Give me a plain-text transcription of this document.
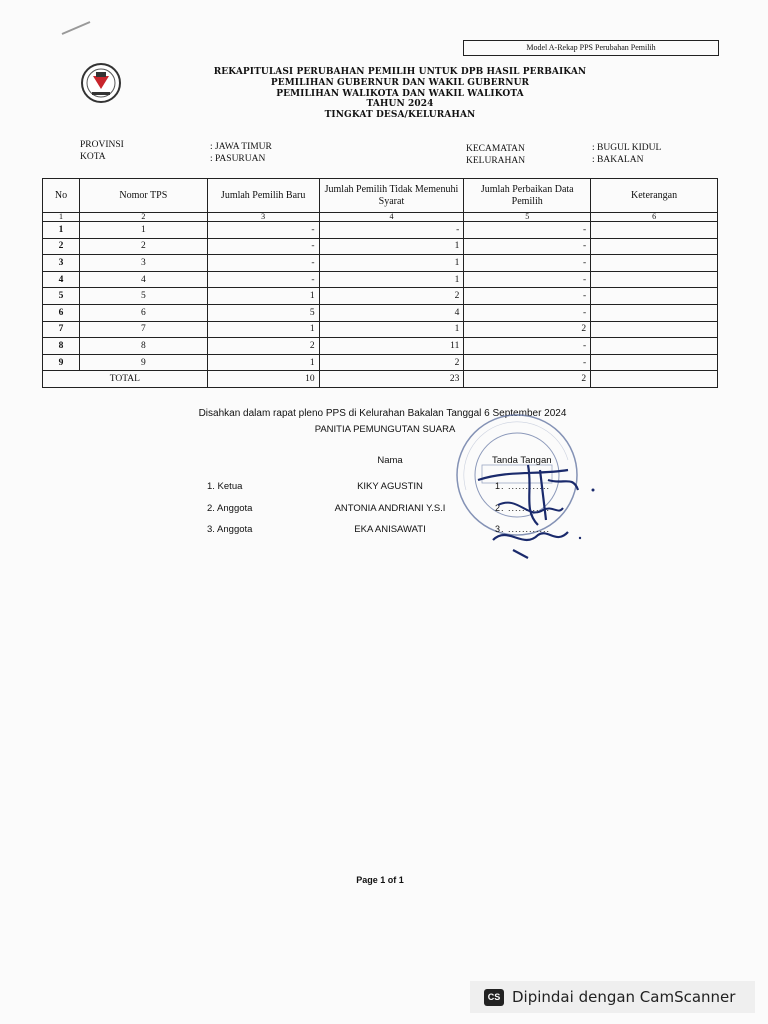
Model A-Rekap PPS Perubahan Pemilih
REKAPITULASI PERUBAHAN PEMILIH UNTUK DPB HASIL PERBAIKAN
PEMILIHAN GUBERNUR DAN WAKIL GUBERNUR
PEMILIHAN WALIKOTA DAN WAKIL WALIKOTA
TAHUN 2024
TINGKAT DESA/KELURAHAN
PROVINSI	: JAWA TIMUR
KOTA	: PASURUAN
KECAMATAN	: BUGUL KIDUL
KELURAHAN	: BAKALAN
No	Nomor TPS	Jumlah Pemilih Baru	Jumlah Pemilih Tidak Memenuhi Syarat	Jumlah Perbaikan Data Pemilih	Keterangan
1	2	3	4	5	6
1	1	-	-	-	
2	2	-	1	-	
3	3	-	1	-	
4	4	-	1	-	
5	5	1	2	-	
6	6	5	4	-	
7	7	1	1	2	
8	8	2	11	-	
9	9	1	2	-	
TOTAL		10	23	2	
Disahkan dalam rapat pleno PPS di Kelurahan Bakalan Tanggal 6 September 2024
PANITIA PEMUNGUTAN SUARA
Nama	Tanda Tangan
1. Ketua	KIKY AGUSTIN	1. ............
2. Anggota	ANTONIA ANDRIANI Y.S.I	2. ............
3. Anggota	EKA ANISAWATI	3. ............
Page 1 of 1
CS Dipindai dengan CamScanner
